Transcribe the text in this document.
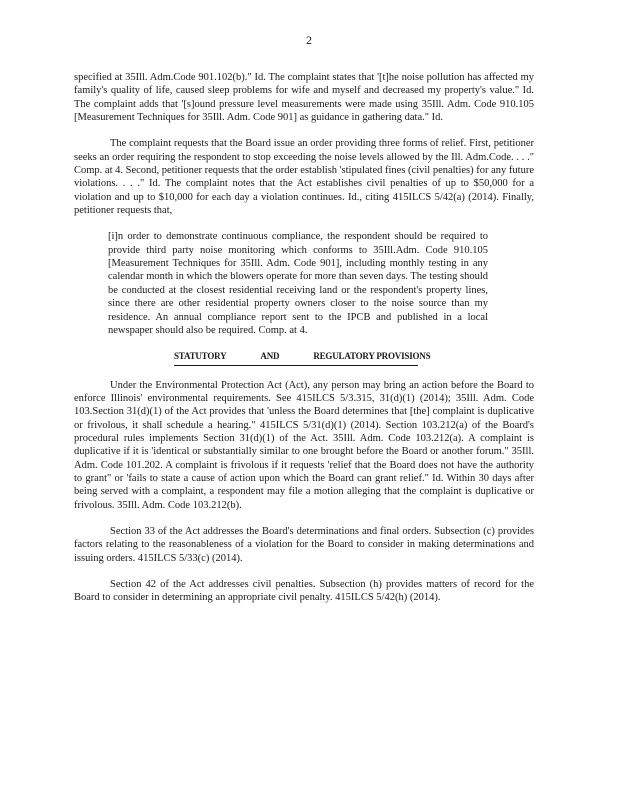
2

specified at 35Ill. Adm.Code 901.102(b)." Id. The complaint states that '[t]he noise pollution has affected my family's quality of life, caused sleep problems for wife and myself and decreased my property's value." Id. The complaint adds that '[s]ound pressure level measurements were made using 35Ill. Adm. Code 910.105 [Measurement Techniques for 35Ill. Adm. Code 901] as guidance in gathering data." Id.

The complaint requests that the Board issue an order providing three forms of relief. First, petitioner seeks an order requiring the respondent to stop exceeding the noise levels allowed by the Ill. Adm.Code. . . ." Comp. at 4. Second, petitioner requests that the order establish 'stipulated fines (civil penalties) for any future violations. . . ." Id. The complaint notes that the Act establishes civil penalties of up to $50,000 for a violation and up to $10,000 for each day a violation continues. Id., citing 415ILCS 5/42(a) (2014). Finally, petitioner requests that,

[i]n order to demonstrate continuous compliance, the respondent should be required to provide third party noise monitoring which conforms to 35Ill.Adm. Code 910.105 [Measurement Techniques for 35Ill. Adm. Code 901], including monthly testing in any calendar month in which the blowers operate for more than seven days. The testing should be conducted at the closest residential receiving land or the respondent's property lines, since there are other residential property owners closer to the noise source than my residence. An annual compliance report sent to the IPCB and published in a local newspaper should also be required. Comp. at 4.

STATUTORY	AND	REGULATORY PROVISIONS

Under the Environmental Protection Act (Act), any person may bring an action before the Board to enforce Illinois' environmental requirements. See 415ILCS 5/3.315, 31(d)(1) (2014); 35Ill. Adm. Code 103.Section 31(d)(1) of the Act provides that 'unless the Board determines that [the] complaint is duplicative or frivolous, it shall schedule a hearing." 415ILCS 5/31(d)(1) (2014). Section 103.212(a) of the Board's procedural rules implements Section 31(d)(1) of the Act. 35Ill. Adm. Code 103.212(a). A complaint is duplicative if it is 'identical or substantially similar to one brought before the Board or another forum." 35Ill. Adm. Code 101.202. A complaint is frivolous if it requests 'relief that the Board does not have the authority to grant" or 'fails to state a cause of action upon which the Board can grant relief." Id. Within 30 days after being served with a complaint, a respondent may file a motion alleging that the complaint is duplicative or frivolous. 35Ill. Adm. Code 103.212(b).

Section 33 of the Act addresses the Board's determinations and final orders. Subsection (c) provides factors relating to the reasonableness of a violation for the Board to consider in making determinations and issuing orders. 415ILCS 5/33(c) (2014).

Section 42 of the Act addresses civil penalties. Subsection (h) provides matters of record for the Board to consider in determining an appropriate civil penalty. 415ILCS 5/42(h) (2014).
